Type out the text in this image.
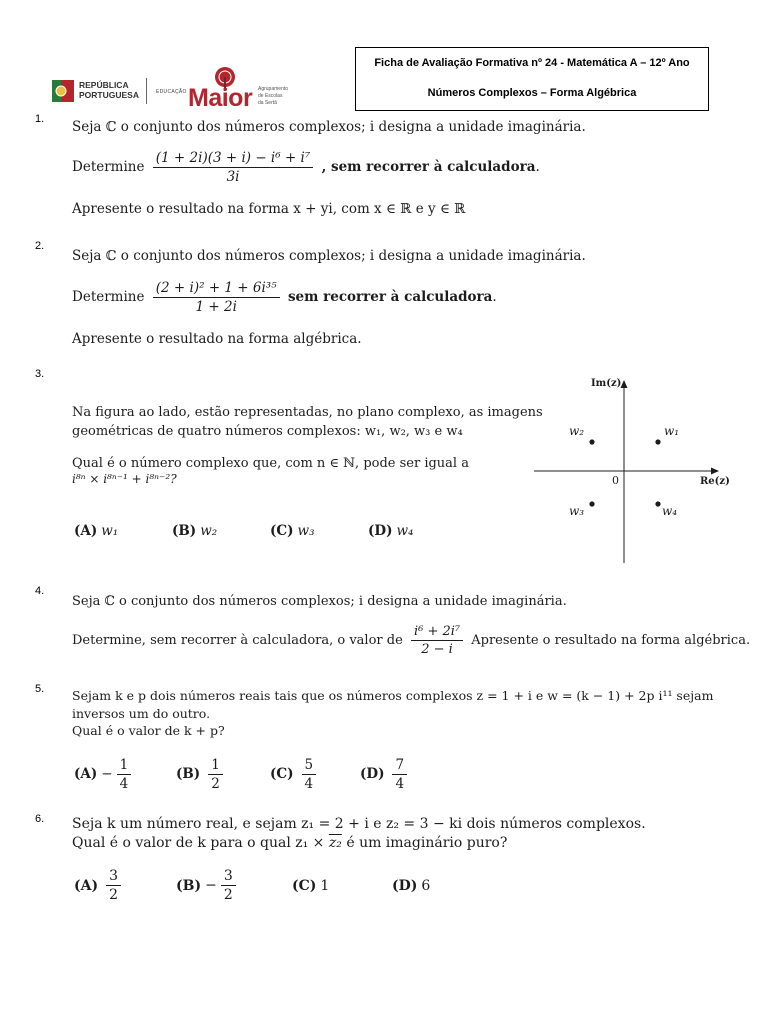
REPÚBLICA
PORTUGUESA	EDUCAÇÃO Maior Agrupamento
de Escolas
da Sertã
Ficha de Avaliação Formativa nº 24 - Matemática A – 12º Ano
Números Complexos – Forma Algébrica
1. Seja ℂ o conjunto dos números complexos; i designa a unidade imaginária.
Determine $\frac{\text{(1 + 2i)(3 + i) − i⁶ + i⁷}}{3i}$ , sem recorrer à calculadora.
Apresente o resultado na forma x + yi, com x ∈ ℝ e y ∈ ℝ
2.
Seja ℂ o conjunto dos números complexos; i designa a unidade imaginária.
Determine $\frac{\text{(2 + i)² + 1 + 6i³⁵}}{1 + 2i}$ sem recorrer à calculadora.
Apresente o resultado na forma algébrica.
3.
Na figura ao lado, estão representadas, no plano complexo, as imagens
geométricas de quatro números complexos: w₁, w₂, w₃ e w₄
Qual é o número complexo que, com n ∈ ℕ, pode ser igual a
i⁸ⁿ × i⁸ⁿ⁻¹ + i⁸ⁿ⁻²?
(A) w₁	(B) w₂	(C) w₃	(D) w₄
Im(z)
Re(z)
0
w₁
w₂
w₃	w₄
4.
Seja ℂ o conjunto dos números complexos; i designa a unidade imaginária.
Determine, sem recorrer à calculadora, o valor de $\frac{\text{i⁶ + 2i⁷}}{2 - i}$ Apresente o resultado na forma algébrica.
5. Sejam k e p dois números reais tais que os números complexos z = 1 + i e w = (k − 1) + 2p i¹¹ sejam
inversos um do outro.
Qual é o valor de k + p?
$(A) - \frac{1}{4}$	$(B) \frac{1}{2}$	$(C) \frac{5}{4}$	$(D) \frac{7}{4}$
6. Seja k um número real, e sejam z₁ = 2 + i e z₂ = 3 − ki dois números complexos.
Qual é o valor de k para o qual z₁ × z₂ é um imaginário puro?
$(A) \frac{3}{2}$	$(B) - \frac{3}{2}$	(C) 1	(D) 6
